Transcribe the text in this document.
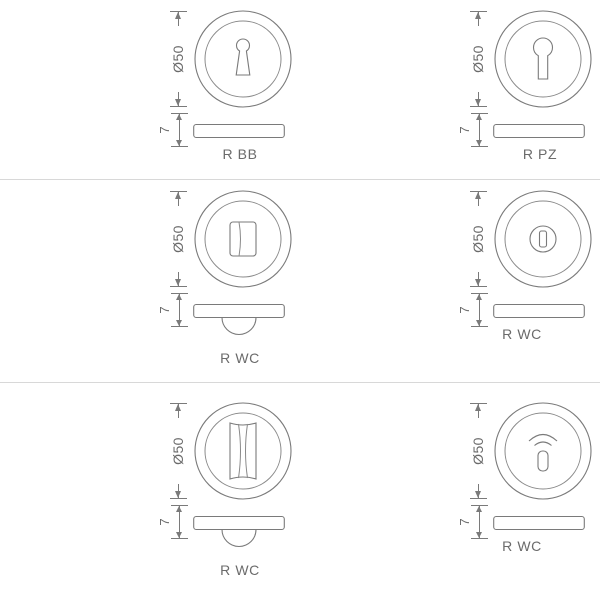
Ø50
7
R BB
Ø50
7
R PZ
Ø50
7
R WC
Ø50
7
R WC
Ø50
7
R WC
Ø50
7
R WC
